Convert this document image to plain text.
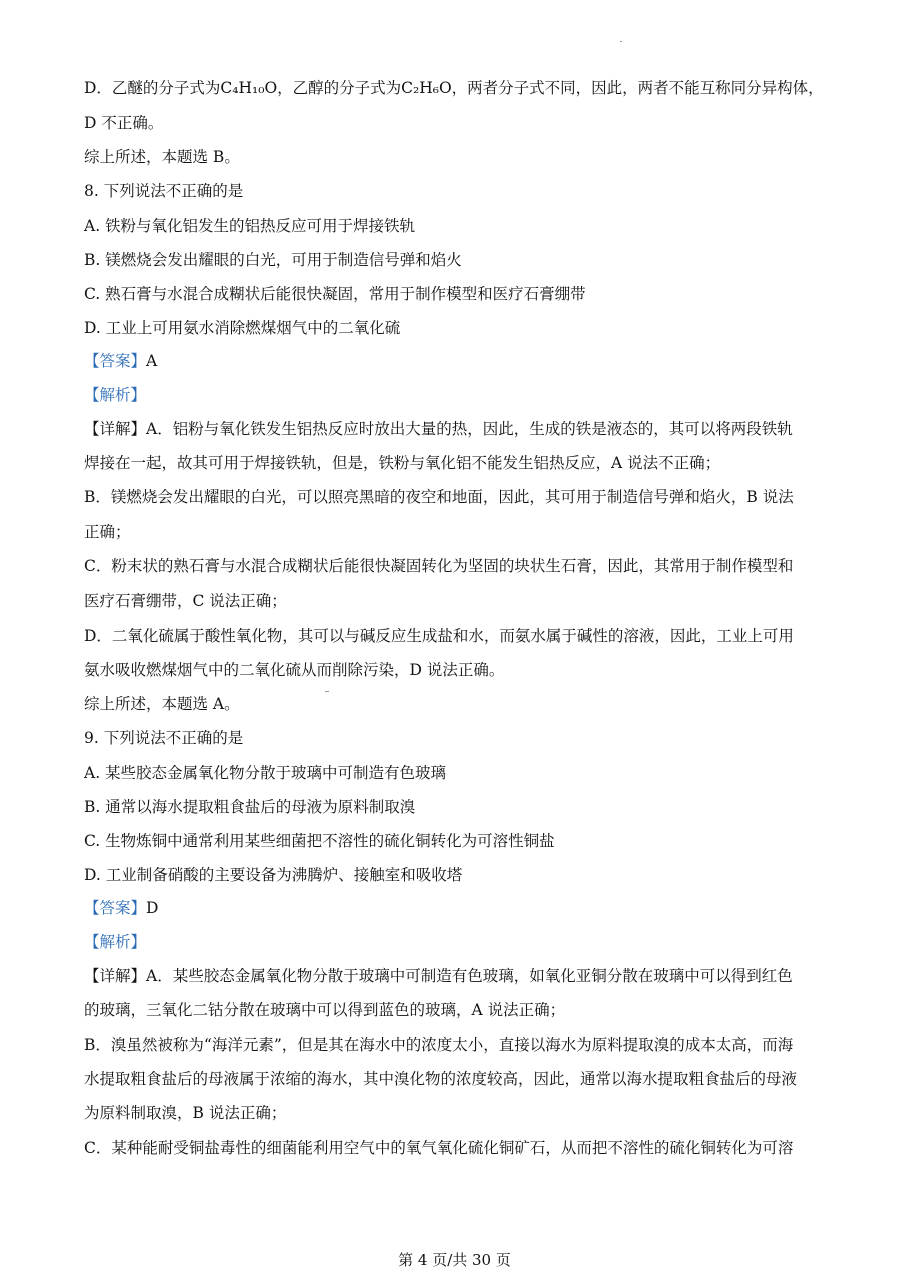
D．乙醚的分子式为C₄H₁₀O，乙醇的分子式为C₂H₆O，两者分子式不同，因此，两者不能互称同分异构体，
D 不正确。
综上所述，本题选 B。
8. 下列说法不正确的是
A. 铁粉与氧化铝发生的铝热反应可用于焊接铁轨
B. 镁燃烧会发出耀眼的白光，可用于制造信号弹和焰火
C. 熟石膏与水混合成糊状后能很快凝固，常用于制作模型和医疗石膏绷带
D. 工业上可用氨水消除燃煤烟气中的二氧化硫
【答案】A
【解析】
【详解】A．铝粉与氧化铁发生铝热反应时放出大量的热，因此，生成的铁是液态的，其可以将两段铁轨
焊接在一起，故其可用于焊接铁轨，但是，铁粉与氧化铝不能发生铝热反应，A 说法不正确；
B．镁燃烧会发出耀眼的白光，可以照亮黑暗的夜空和地面，因此，其可用于制造信号弹和焰火，B 说法
正确；
C．粉末状的熟石膏与水混合成糊状后能很快凝固转化为坚固的块状生石膏，因此，其常用于制作模型和
医疗石膏绷带，C 说法正确；
D．二氧化硫属于酸性氧化物，其可以与碱反应生成盐和水，而氨水属于碱性的溶液，因此，工业上可用
氨水吸收燃煤烟气中的二氧化硫从而削除污染，D 说法正确。
综上所述，本题选 A。
9. 下列说法不正确的是
A. 某些胶态金属氧化物分散于玻璃中可制造有色玻璃
B. 通常以海水提取粗食盐后的母液为原料制取溴
C. 生物炼铜中通常利用某些细菌把不溶性的硫化铜转化为可溶性铜盐
D. 工业制备硝酸的主要设备为沸腾炉、接触室和吸收塔
【答案】D
【解析】
【详解】A．某些胶态金属氧化物分散于玻璃中可制造有色玻璃，如氧化亚铜分散在玻璃中可以得到红色
的玻璃，三氧化二钴分散在玻璃中可以得到蓝色的玻璃，A 说法正确；
B．溴虽然被称为“海洋元素”，但是其在海水中的浓度太小，直接以海水为原料提取溴的成本太高，而海
水提取粗食盐后的母液属于浓缩的海水，其中溴化物的浓度较高，因此，通常以海水提取粗食盐后的母液
为原料制取溴，B 说法正确；
C．某种能耐受铜盐毒性的细菌能利用空气中的氧气氧化硫化铜矿石，从而把不溶性的硫化铜转化为可溶
第 4 页/共 30 页
